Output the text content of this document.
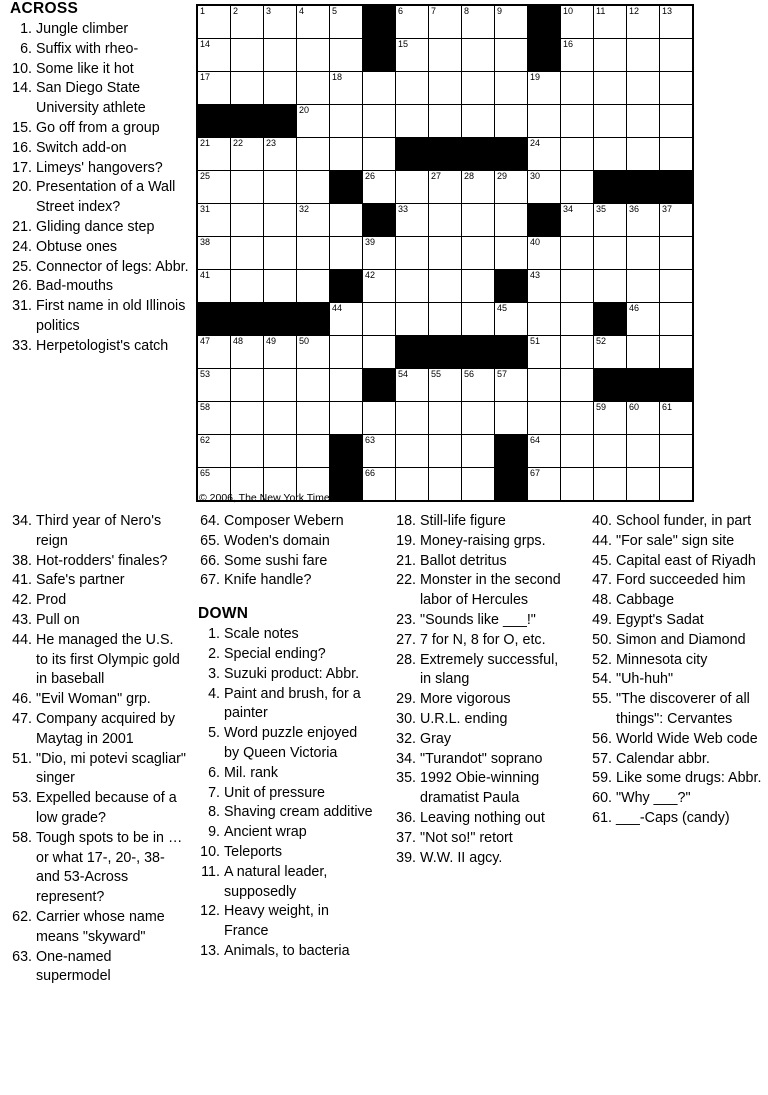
ACROSS
1. Jungle climber
6. Suffix with rheo-
10. Some like it hot
14. San Diego State University athlete
15. Go off from a group
16. Switch add-on
17. Limeys' hangovers?
20. Presentation of a Wall Street index?
21. Gliding dance step
24. Obtuse ones
25. Connector of legs: Abbr.
26. Bad-mouths
31. First name in old Illinois politics
33. Herpetologist's catch
1	2	3	4	5		6	7	8	9		10	11	12	13

14						15					16			

17				18						19				

			20											

21	22	23								24				

25					26		27	28	29	30				

31			32			33					34	35	36	37

38					39					40				

41					42					43				

				44					45				46	

47	48	49	50							51		52		

53						54	55	56	57					

58												59	60	61

62					63					64				

65					66					67				

© 2006, The New York Times
34. Third year of Nero's reign
38. Hot-rodders' finales?
41. Safe's partner
42. Prod
43. Pull on
44. He managed the U.S. to its first Olympic gold in baseball
46. "Evil Woman" grp.
47. Company acquired by Maytag in 2001
51. "Dio, mi potevi scagliar" singer
53. Expelled because of a low grade?
58. Tough spots to be in … or what 17-, 20-, 38- and 53-Across represent?
62. Carrier whose name means "skyward"
63. One-named supermodel
64. Composer Webern
65. Woden's domain
66. Some sushi fare
67. Knife handle?
DOWN
1. Scale notes
2. Special ending?
3. Suzuki product: Abbr.
4. Paint and brush, for a painter
5. Word puzzle enjoyed by Queen Victoria
6. Mil. rank
7. Unit of pressure
8. Shaving cream additive
9. Ancient wrap
10. Teleports
11. A natural leader, supposedly
12. Heavy weight, in France
13. Animals, to bacteria
18. Still-life figure
19. Money-raising grps.
21. Ballot detritus
22. Monster in the second labor of Hercules
23. "Sounds like ___!"
27. 7 for N, 8 for O, etc.
28. Extremely successful, in slang
29. More vigorous
30. U.R.L. ending
32. Gray
34. "Turandot" soprano
35. 1992 Obie-winning dramatist Paula
36. Leaving nothing out
37. "Not so!" retort
39. W.W. II agcy.
40. School funder, in part
44. "For sale" sign site
45. Capital east of Riyadh
47. Ford succeeded him
48. Cabbage
49. Egypt's Sadat
50. Simon and Diamond
52. Minnesota city
54. "Uh-huh"
55. "The discoverer of all things": Cervantes
56. World Wide Web code
57. Calendar abbr.
59. Like some drugs: Abbr.
60. "Why ___?"
61. ___-Caps (candy)
